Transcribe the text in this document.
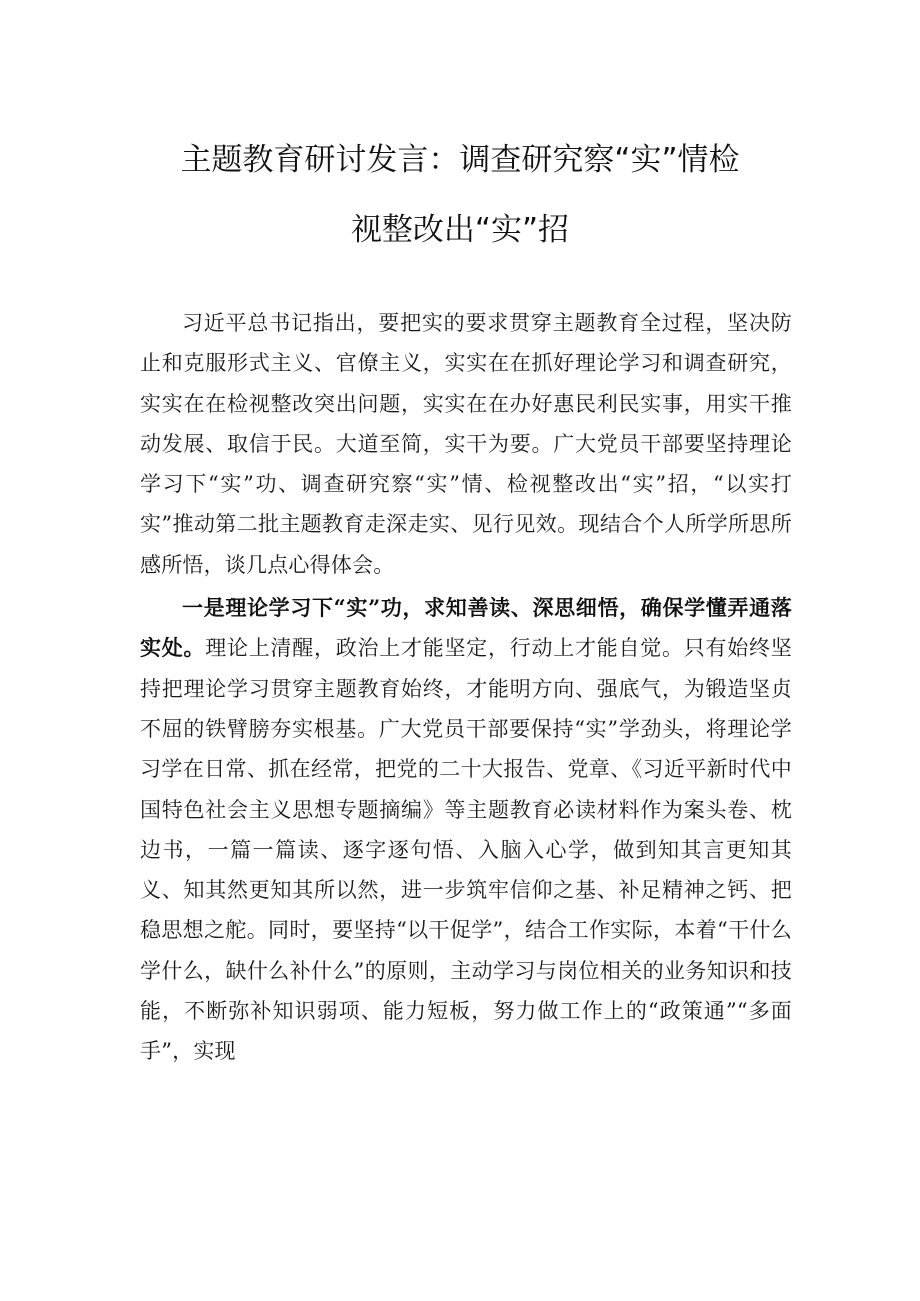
主题教育研讨发言：调查研究察“实”情检
视整改出“实”招

习近平总书记指出，要把实的要求贯穿主题教育全过程，坚决防止和克服形式主义、官僚主义，实实在在抓好理论学习和调查研究，实实在在检视整改突出问题，实实在在办好惠民利民实事，用实干推动发展、取信于民。大道至简，实干为要。广大党员干部要坚持理论学习下“实”功、调查研究察“实”情、检视整改出“实”招，“以实打实”推动第二批主题教育走深走实、见行见效。现结合个人所学所思所感所悟，谈几点心得体会。

一是理论学习下“实”功，求知善读、深思细悟，确保学懂弄通落实处。理论上清醒，政治上才能坚定，行动上才能自觉。只有始终坚持把理论学习贯穿主题教育始终，才能明方向、强底气，为锻造坚贞不屈的铁臂膀夯实根基。广大党员干部要保持“实”学劲头，将理论学习学在日常、抓在经常，把党的二十大报告、党章、《习近平新时代中国特色社会主义思想专题摘编》等主题教育必读材料作为案头卷、枕边书，一篇一篇读、逐字逐句悟、入脑入心学，做到知其言更知其义、知其然更知其所以然，进一步筑牢信仰之基、补足精神之钙、把稳思想之舵。同时，要坚持“以干促学”，结合工作实际，本着“干什么学什么，缺什么补什么”的原则，主动学习与岗位相关的业务知识和技能，不断弥补知识弱项、能力短板，努力做工作上的“政策通”“多面手”，实现
